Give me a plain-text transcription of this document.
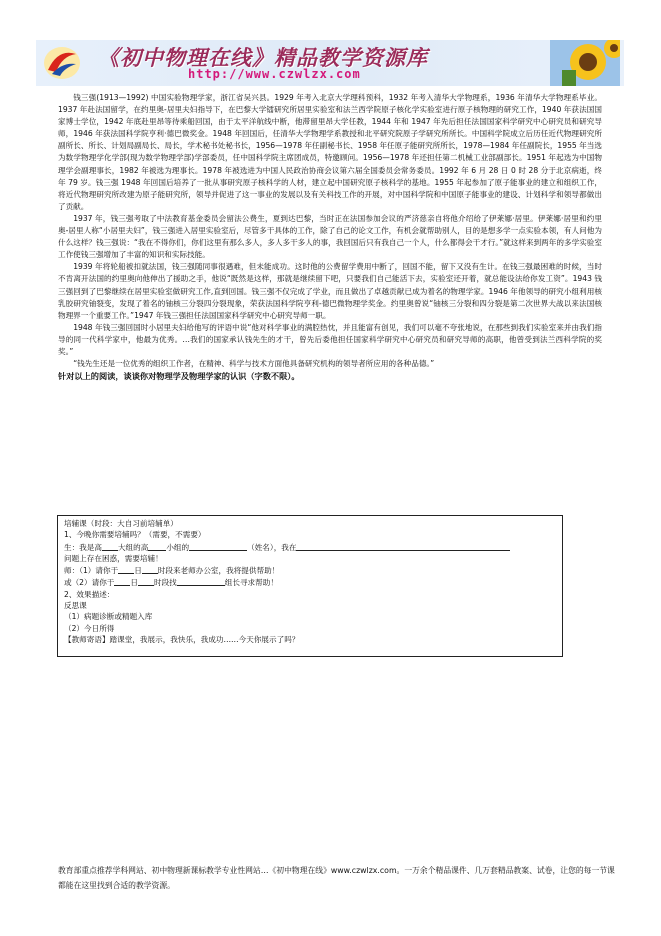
《初中物理在线》精品教学资源库
http://www.czwlzx.com

钱三强(1913—1992) 中国实验物理学家，浙江省吴兴县。1929 年考入北京大学理科预科，1932 年考入清华大学物理系，1936 年清华大学物理系毕业。1937 年赴法国留学，在约里奥-居里夫妇指导下，在巴黎大学镭研究所居里实验室和法兰西学院原子核化学实验室进行原子核物理的研究工作，1940 年获法国国家博士学位，1942 年底赴里昂等待乘船回国，由于太平洋航线中断，他滞留里昂大学任教，1944 年和 1947 年先后担任法国国家科学研究中心研究员和研究导师，1946 年获法国科学院亨利·德巴微奖金。1948 年回国后，任清华大学物理学系教授和北平研究院原子学研究所所长。中国科学院成立后历任近代物理研究所副所长、所长、计划局副局长、局长，学术秘书处秘书长，1956—1978 年任副秘书长、1958 年任原子能研究所所长，1978—1984 年任副院长，1955 年当选为数学物理学化学部(现为数学物理学部)学部委员，任中国科学院主席团成员，特邀顾问。1956—1978 年还担任第二机械工业部副部长。1951 年起选为中国物理学会副理事长，1982 年被选为理事长。1978 年被选进为中国人民政治协商会议第六届全国委员会常务委员。1992 年 6 月 28 日 0 时 28 分于北京病逝，终年 79 岁。钱三强 1948 年回国后培养了一批从事研究原子核科学的人材，建立起中国研究原子核科学的基地。1955 年起参加了原子能事业的建立和组织工作，将近代物理研究所改建为原子能研究所，领导并促进了这一事业的发展以及有关科技工作的开展，对中国科学院和中国原子能事业的建设、计划科学和领导都做出了贡献。

1937 年，钱三强考取了中法教育基金委员会留法公费生，夏到达巴黎，当时正在法国参加会议的严济慈亲自将他介绍给了伊莱娜·居里。伊莱娜·居里和约里奥-居里人称“小居里夫妇”，钱三强进入居里实验室后，尽管多干具体的工作，除了自己的论文工作，有机会就帮助别人，目的是想多学一点实验本领，有人问他为什么这样？钱三强说：“我在不得你们，你们这里有那么多人，多人多干多人的事，我回国后只有我自己一个人，什么都得会干才行。”就这样来到两年的多学实验室工作使钱三强增加了丰富的知识和实际技能。

1939 年将轮船被扣就法国，钱三强随同事很遇难，但未能成功。这时他的公费留学费用中断了，回国不能，留下又没有生计。在钱三强最困难的时候，当时不肯离开法国的约里奥向他伸出了援助之手，他说“既然是这样，那就是继续留下吧，只要我们自己能活下去，实验室还开着，就总能设法给你发工资”。1943 钱三强回到了巴黎继续在居里实验室做研究工作,直到回国。钱三强不仅完成了学业，而且做出了卓越贡献已成为着名的物理学家。1946 年他领导的研究小组利用核乳胶研究铀裂变，发现了着名的铀核三分裂四分裂现象，荣获法国科学院亨利-德巴微物理学奖金。约里奥曾说“铀核三分裂和四分裂是第二次世界大战以来法国核物理界一个重要工作。”1947 年钱三强担任法国国家科学研究中心研究导师一职。

1948 年钱三强回国时小居里夫妇给他写的评语中说“他对科学事业的满腔热忱，并且能富有创见，我们可以毫不夸张地说，在那些到我们实验室来并由我们指导的同一代科学家中，他最为优秀。…我们的国家承认钱先生的才干，曾先后委他担任国家科学研究中心研究员和研究导师的高职，他曾受到法兰西科学院的奖奖。”

“钱先生还是一位优秀的组织工作者，在精神、科学与技术方面他具备研究机构的领导者所应用的各种品德。”

针对以上的阅读，谈谈你对物理学及物理学家的认识（字数不限）。

培辅课（时段：大自习前培辅单）
1、今晚你需要培辅吗？（需要，不需要）
生：我是高 大组的高 小组的	（姓名），我在
问题上存在困惑，需要培辅！
师：（1）请你于 日 时段来老师办公室，我将提供帮助！
或（2）请你于 日 时段找	组长寻求帮助！
2、效果描述：
反思课
（1）病题诊断或精题入库
（2）今日所得
【教师寄语】踏课堂，我展示，我快乐，我成功……今天你展示了吗？
教育部重点推荐学科网站、初中物理新课标教学专业性网站…《初中物理在线》www.czwlzx.com。一万余个精品课件、几万套精品教案、试卷，让您的每一节课都能在这里找到合适的教学资源。
